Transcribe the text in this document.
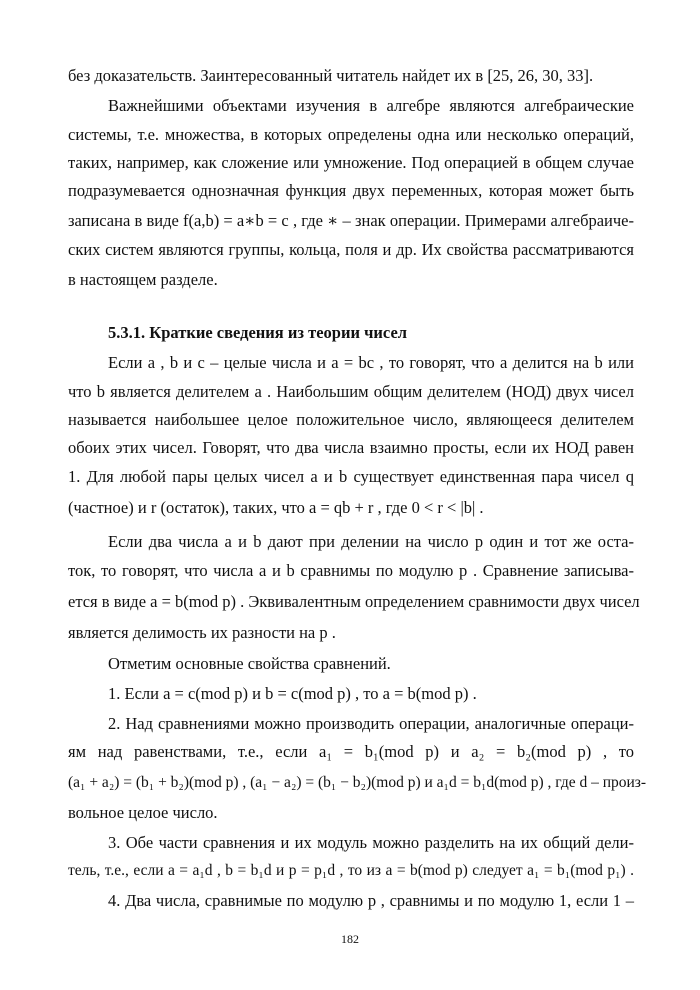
без доказательств. Заинтересованный читатель найдет их в [25, 26, 30, 33].
Важнейшими объектами изучения в алгебре являются алгебраические
системы, т.е. множества, в которых определены одна или несколько операций,
таких, например, как сложение или умножение. Под операцией в общем случае
подразумевается однозначная функция двух переменных, которая может быть
записана в виде f(a,b) = a∗b = c , где ∗ – знак операции. Примерами алгебраиче-
ских систем являются группы, кольца, поля и др. Их свойства рассматриваются
в настоящем разделе.
5.3.1. Краткие сведения из теории чисел
Если a , b и c – целые числа и a = bc , то говорят, что a делится на b или
что b является делителем a . Наибольшим общим делителем (НОД) двух чисел
называется наибольшее целое положительное число, являющееся делителем
обоих этих чисел. Говорят, что два числа взаимно просты, если их НОД равен
1. Для любой пары целых чисел a и b существует единственная пара чисел q
(частное) и r (остаток), таких, что a = qb + r , где 0 < r < |b| .
Если два числа a и b дают при делении на число p один и тот же оста-
ток, то говорят, что числа a и b сравнимы по модулю p . Сравнение записыва-
ется в виде a = b(mod p) . Эквивалентным определением сравнимости двух чисел
является делимость их разности на p .
Отметим основные свойства сравнений.
1. Если a = c(mod p) и b = c(mod p) , то a = b(mod p) .
2. Над сравнениями можно производить операции, аналогичные операци-
ям над равенствами, т.е., если a₁ = b₁(mod p) и a₂ = b₂(mod p) , то
(a₁ + a₂) = (b₁ + b₂)(mod p) , (a₁ − a₂) = (b₁ − b₂)(mod p) и a₁d = b₁d(mod p) , где d – произ-
вольное целое число.
3. Обе части сравнения и их модуль можно разделить на их общий дели-
тель, т.е., если a = a₁d , b = b₁d и p = p₁d , то из a = b(mod p) следует a₁ = b₁(mod p₁) .
4. Два числа, сравнимые по модулю p , сравнимы и по модулю 1, если 1 –
182
